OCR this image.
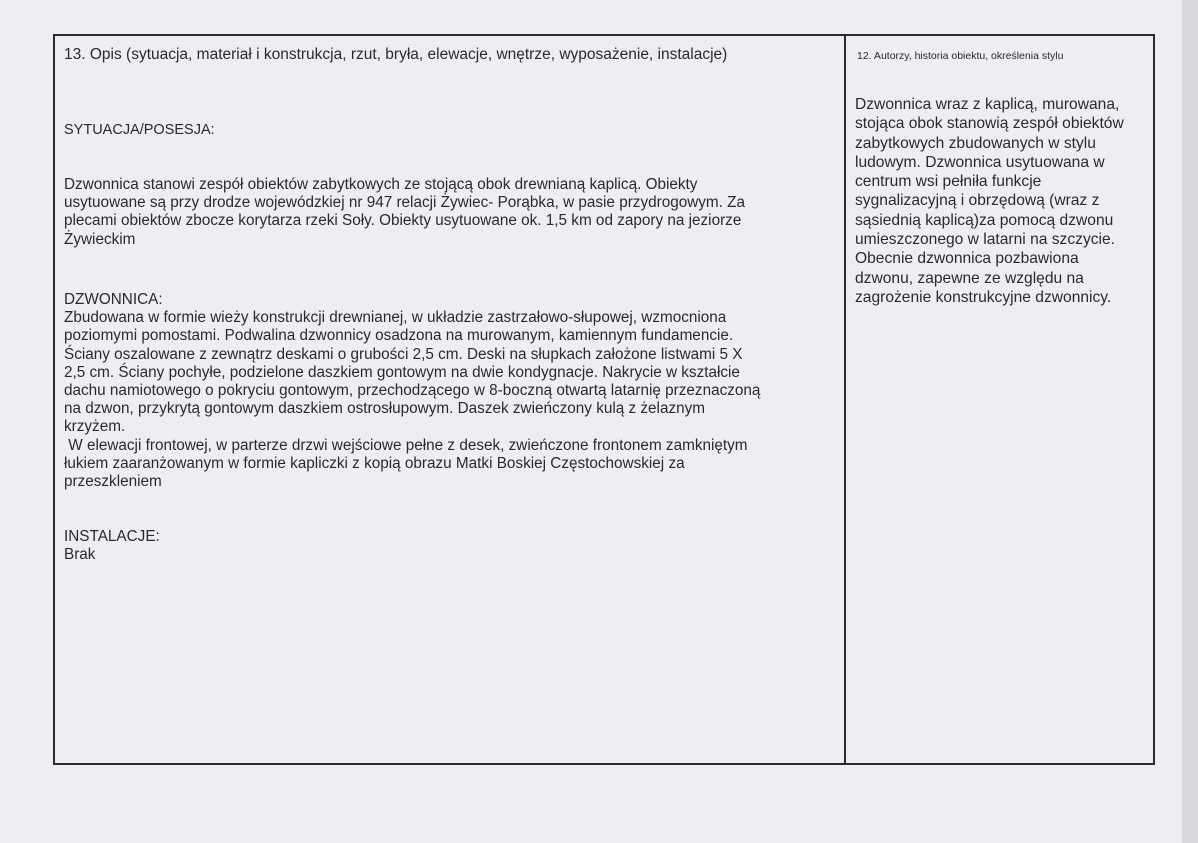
13. Opis (sytuacja, materiał i konstrukcja, rzut, bryła, elewacje, wnętrze, wyposażenie, instalacje)
SYTUACJA/POSESJA:
Dzwonnica stanowi zespół obiektów zabytkowych ze stojącą obok drewnianą kaplicą. Obiekty
usytuowane są przy drodze wojewódzkiej nr 947 relacji Żywiec- Porąbka, w pasie przydrogowym. Za
plecami obiektów zbocze korytarza rzeki Soły. Obiekty usytuowane ok. 1,5 km od zapory na jeziorze
Żywieckim
DZWONNICA:
Zbudowana w formie wieży konstrukcji drewnianej, w układzie zastrzałowo-słupowej, wzmocniona
poziomymi pomostami. Podwalina dzwonnicy osadzona na murowanym, kamiennym fundamencie.
Ściany oszalowane z zewnątrz deskami o grubości 2,5 cm. Deski na słupkach założone listwami 5 X
2,5 cm. Ściany pochyłe, podzielone daszkiem gontowym na dwie kondygnacje. Nakrycie w kształcie
dachu namiotowego o pokryciu gontowym, przechodzącego w 8-boczną otwartą latarnię przeznaczoną
na dzwon, przykrytą gontowym daszkiem ostrosłupowym. Daszek zwieńczony kulą z żelaznym
krzyżem.
W elewacji frontowej, w parterze drzwi wejściowe pełne z desek, zwieńczone frontonem zamkniętym
łukiem zaaranżowanym w formie kapliczki z kopią obrazu Matki Boskiej Częstochowskiej za
przeszkleniem
INSTALACJE:
Brak
12. Autorzy, historia obiektu, określenia stylu
Dzwonnica wraz z kaplicą, murowana,
stojąca obok stanowią zespół obiektów
zabytkowych zbudowanych w stylu
ludowym. Dzwonnica usytuowana w
centrum wsi pełniła funkcje
sygnalizacyjną i obrzędową (wraz z
sąsiednią kaplicą)za pomocą dzwonu
umieszczonego w latarni na szczycie.
Obecnie dzwonnica pozbawiona
dzwonu, zapewne ze względu na
zagrożenie konstrukcyjne dzwonnicy.
